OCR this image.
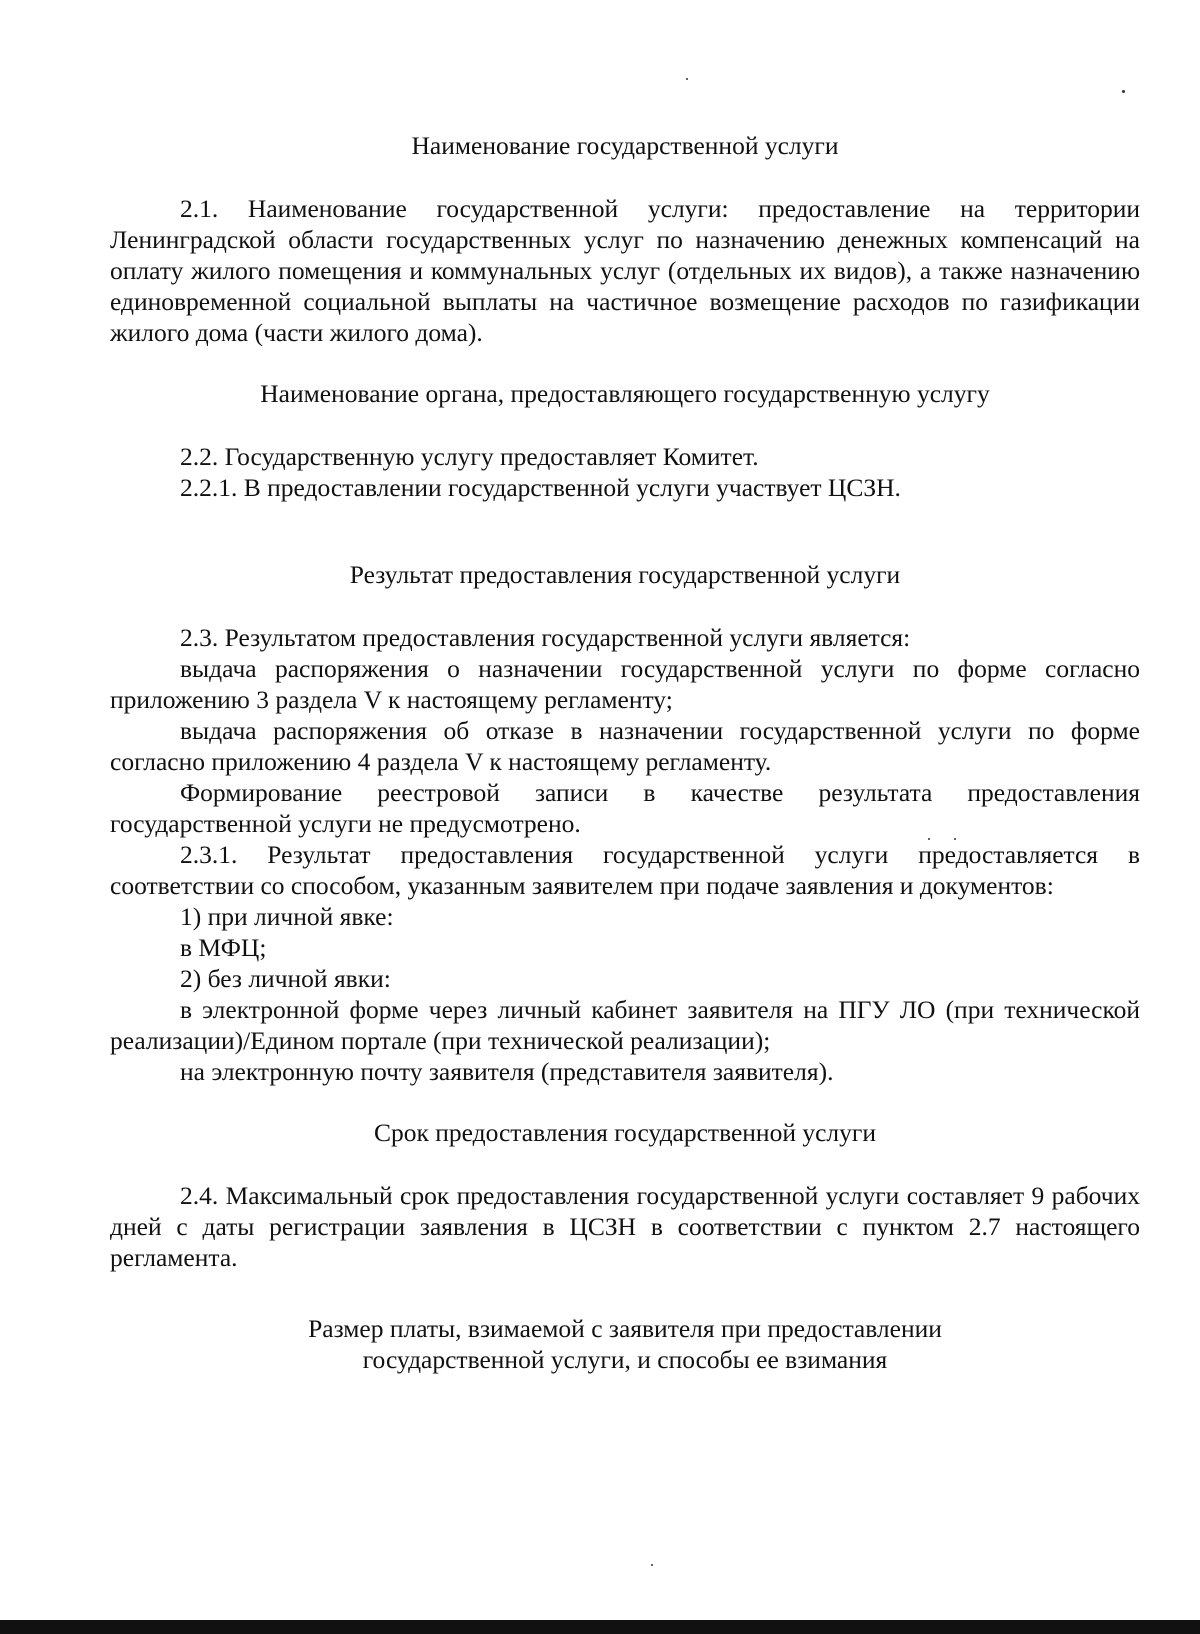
Наименование государственной услуги

2.1. Наименование государственной услуги: предоставление на территории Ленинградской области государственных услуг по назначению денежных компенсаций на оплату жилого помещения и коммунальных услуг (отдельных их видов), а также назначению единовременной социальной выплаты на частичное возмещение расходов по газификации жилого дома (части жилого дома).

Наименование органа, предоставляющего государственную услугу

2.2. Государственную услугу предоставляет Комитет.

2.2.1. В предоставлении государственной услуги участвует ЦСЗН.

Результат предоставления государственной услуги

2.3. Результатом предоставления государственной услуги является:

выдача распоряжения о назначении государственной услуги по форме согласно приложению 3 раздела V к настоящему регламенту;

выдача распоряжения об отказе в назначении государственной услуги по форме согласно приложению 4 раздела V к настоящему регламенту.

Формирование реестровой записи в качестве результата предоставления государственной услуги не предусмотрено.

2.3.1. Результат предоставления государственной услуги предоставляется в соответствии со способом, указанным заявителем при подаче заявления и документов:

1) при личной явке:

в МФЦ;

2) без личной явки:

в электронной форме через личный кабинет заявителя на ПГУ ЛО (при технической реализации)/Едином портале (при технической реализации);

на электронную почту заявителя (представителя заявителя).

Срок предоставления государственной услуги

2.4. Максимальный срок предоставления государственной услуги составляет 9 рабочих дней с даты регистрации заявления в ЦСЗН в соответствии с пунктом 2.7 настоящего регламента.

Размер платы, взимаемой с заявителя при предоставлении

государственной услуги, и способы ее взимания
